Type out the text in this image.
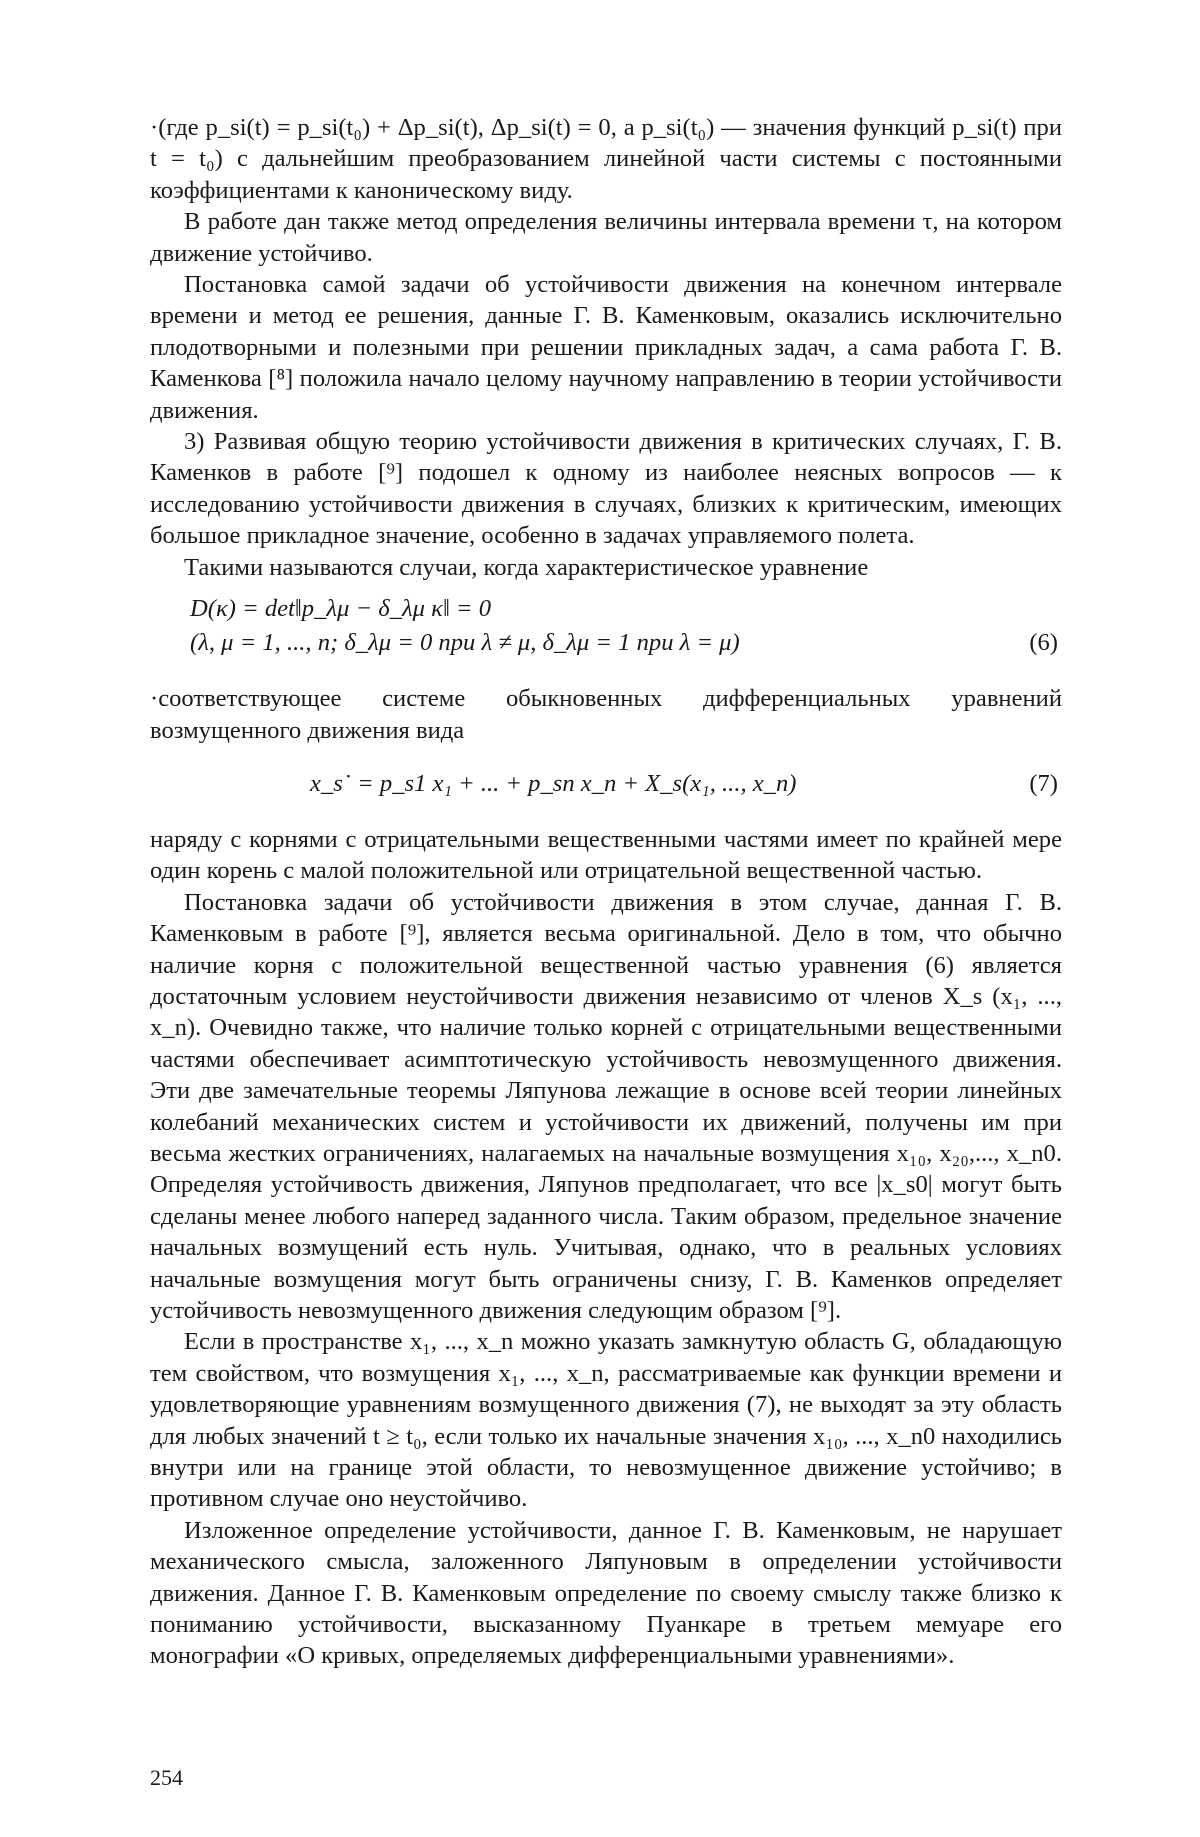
·(где p_si(t) = p_si(t₀) + Δp_si(t), Δp_si(t) = 0, а p_si(t₀) — значения функций p_si(t) при t = t₀) с дальнейшим преобразованием линейной части системы с постоянными коэффициентами к каноническому виду.

В работе дан также метод определения величины интервала времени τ, на котором движение устойчиво.

Постановка самой задачи об устойчивости движения на конечном интервале времени и метод ее решения, данные Г. В. Каменковым, оказались исключительно плодотворными и полезными при решении прикладных задач, а сама работа Г. В. Каменкова [⁸] положила начало целому научному направлению в теории устойчивости движения.

3) Развивая общую теорию устойчивости движения в критических случаях, Г. В. Каменков в работе [⁹] подошел к одному из наиболее неясных вопросов — к исследованию устойчивости движения в случаях, близких к критическим, имеющих большое прикладное значение, особенно в задачах управляемого полета.

Такими называются случаи, когда характеристическое уравнение

D(κ) = det‖p_λμ − δ_λμ κ‖ = 0
(λ, μ = 1, ..., n; δ_λμ = 0 при λ ≠ μ, δ_λμ = 1 при λ = μ)	(6)

·соответствующее системе обыкновенных дифференциальных уравнений возмущенного движения вида

x_s˙ = p_s1 x₁ + ... + p_sn x_n + X_s(x₁, ..., x_n)	(7)

наряду с корнями с отрицательными вещественными частями имеет по крайней мере один корень с малой положительной или отрицательной вещественной частью.

Постановка задачи об устойчивости движения в этом случае, данная Г. В. Каменковым в работе [⁹], является весьма оригинальной. Дело в том, что обычно наличие корня с положительной вещественной частью уравнения (6) является достаточным условием неустойчивости движения независимо от членов X_s (x₁, ..., x_n). Очевидно также, что наличие только корней с отрицательными вещественными частями обеспечивает асимптотическую устойчивость невозмущенного движения. Эти две замечательные теоремы Ляпунова лежащие в основе всей теории линейных колебаний механических систем и устойчивости их движений, получены им при весьма жестких ограничениях, налагаемых на начальные возмущения x₁₀, x₂₀,..., x_n0. Определяя устойчивость движения, Ляпунов предполагает, что все |x_s0| могут быть сделаны менее любого наперед заданного числа. Таким образом, предельное значение начальных возмущений есть нуль. Учитывая, однако, что в реальных условиях начальные возмущения могут быть ограничены снизу, Г. В. Каменков определяет устойчивость невозмущенного движения следующим образом [⁹].

Если в пространстве x₁, ..., x_n можно указать замкнутую область G, обладающую тем свойством, что возмущения x₁, ..., x_n, рассматриваемые как функции времени и удовлетворяющие уравнениям возмущенного движения (7), не выходят за эту область для любых значений t ≥ t₀, если только их начальные значения x₁₀, ..., x_n0 находились внутри или на границе этой области, то невозмущенное движение устойчиво; в противном случае оно неустойчиво.

Изложенное определение устойчивости, данное Г. В. Каменковым, не нарушает механического смысла, заложенного Ляпуновым в определении устойчивости движения. Данное Г. В. Каменковым определение по своему смыслу также близко к пониманию устойчивости, высказанному Пуанкаре в третьем мемуаре его монографии «О кривых, определяемых дифференциальными уравнениями».

254
